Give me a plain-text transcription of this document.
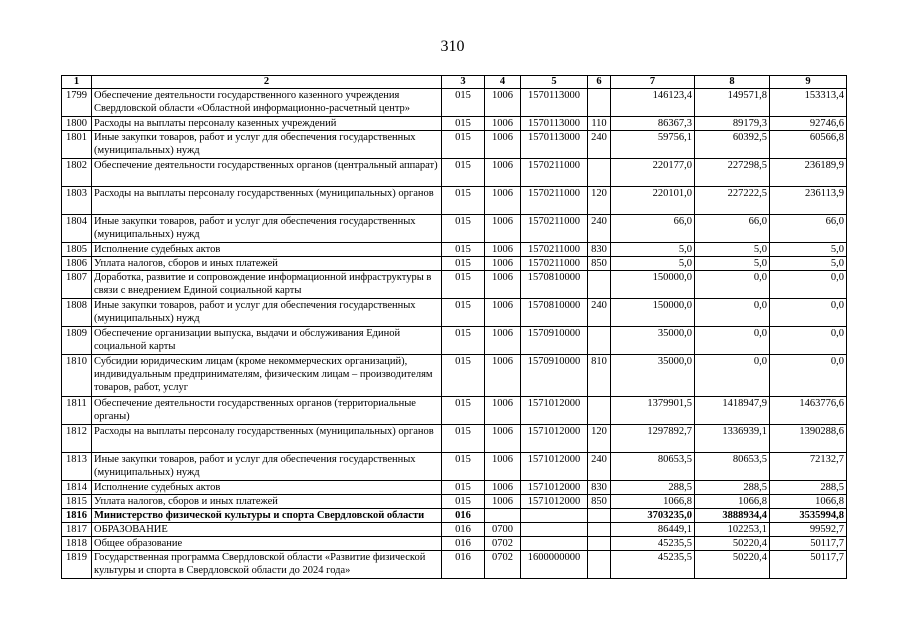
310
1	2	3	4	5	6	7	8	9
1799	Обеспечение деятельности государственного казенного учреждения Свердловской области «Областной информационно-расчетный центр»	015	1006	1570113000		146123,4	149571,8	153313,4
1800	Расходы на выплаты персоналу казенных учреждений	015	1006	1570113000	110	86367,3	89179,3	92746,6
1801	Иные закупки товаров, работ и услуг для обеспечения государственных (муниципальных) нужд	015	1006	1570113000	240	59756,1	60392,5	60566,8
1802	Обеспечение деятельности государственных органов (центральный аппарат)	015	1006	1570211000		220177,0	227298,5	236189,9
1803	Расходы на выплаты персоналу государственных (муниципальных) органов	015	1006	1570211000	120	220101,0	227222,5	236113,9
1804	Иные закупки товаров, работ и услуг для обеспечения государственных (муниципальных) нужд	015	1006	1570211000	240	66,0	66,0	66,0
1805	Исполнение судебных актов	015	1006	1570211000	830	5,0	5,0	5,0
1806	Уплата налогов, сборов и иных платежей	015	1006	1570211000	850	5,0	5,0	5,0
1807	Доработка, развитие и сопровождение информационной инфраструктуры в связи с внедрением Единой социальной карты	015	1006	1570810000		150000,0	0,0	0,0
1808	Иные закупки товаров, работ и услуг для обеспечения государственных (муниципальных) нужд	015	1006	1570810000	240	150000,0	0,0	0,0
1809	Обеспечение организации выпуска, выдачи и обслуживания Единой социальной карты	015	1006	1570910000		35000,0	0,0	0,0
1810	Субсидии юридическим лицам (кроме некоммерческих организаций), индивидуальным предпринимателям, физическим лицам – производителям товаров, работ, услуг	015	1006	1570910000	810	35000,0	0,0	0,0
1811	Обеспечение деятельности государственных органов (территориальные органы)	015	1006	1571012000		1379901,5	1418947,9	1463776,6
1812	Расходы на выплаты персоналу государственных (муниципальных) органов	015	1006	1571012000	120	1297892,7	1336939,1	1390288,6
1813	Иные закупки товаров, работ и услуг для обеспечения государственных (муниципальных) нужд	015	1006	1571012000	240	80653,5	80653,5	72132,7
1814	Исполнение судебных актов	015	1006	1571012000	830	288,5	288,5	288,5
1815	Уплата налогов, сборов и иных платежей	015	1006	1571012000	850	1066,8	1066,8	1066,8
1816	Министерство физической культуры и спорта Свердловской области	016				3703235,0	3888934,4	3535994,8
1817	ОБРАЗОВАНИЕ	016	0700			86449,1	102253,1	99592,7
1818	Общее образование	016	0702			45235,5	50220,4	50117,7
1819	Государственная программа Свердловской области «Развитие физической культуры и спорта в Свердловской области до 2024 года»	016	0702	1600000000		45235,5	50220,4	50117,7
